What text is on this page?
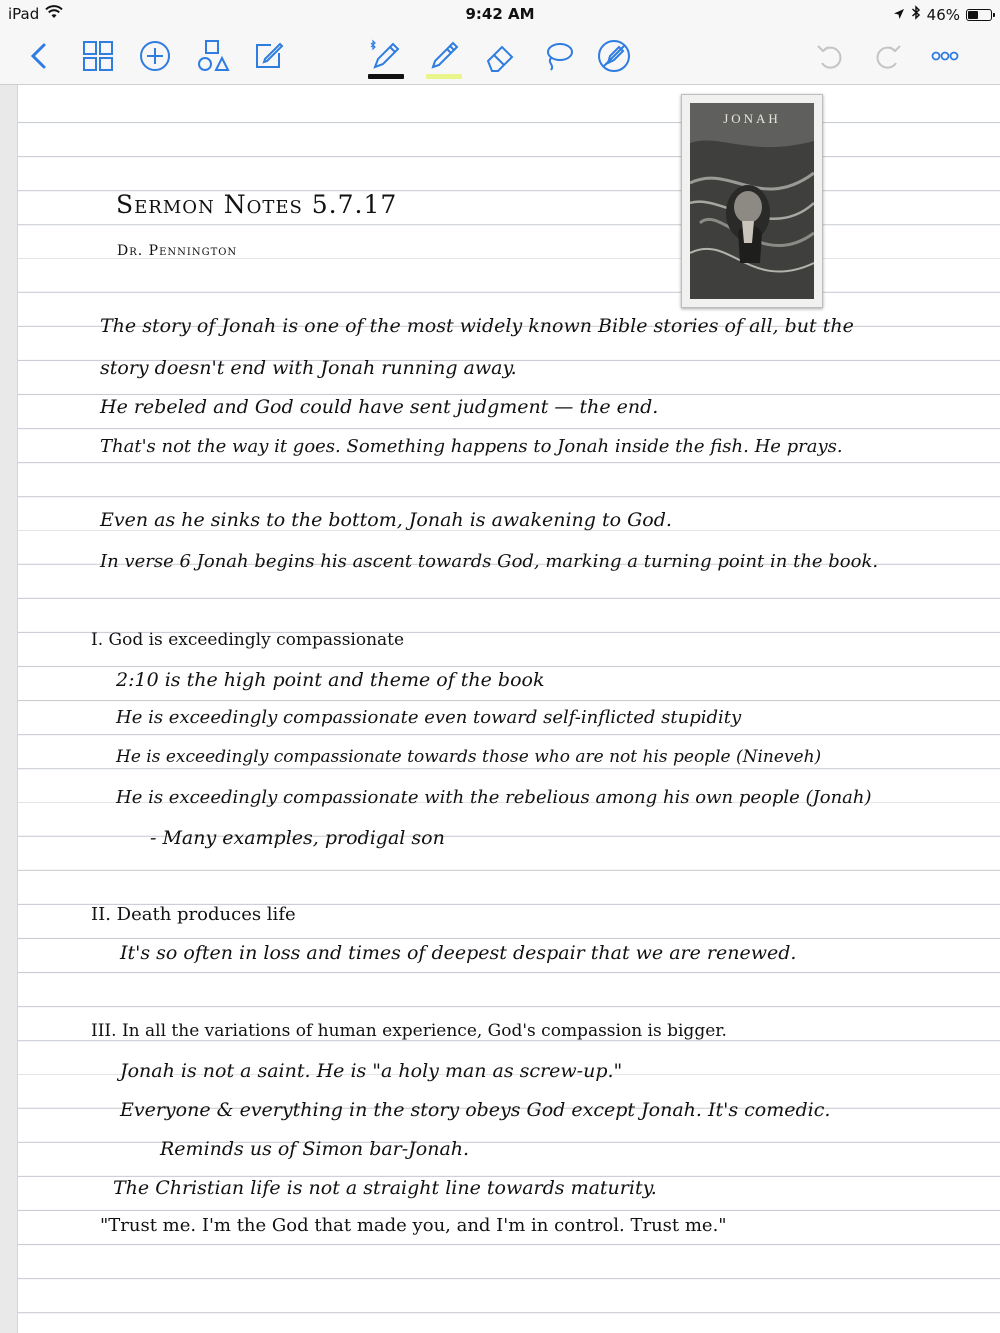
iPad	9:42 AM	46%
JONAH
Sermon Notes 5.7.17
Dr. Pennington
The story of Jonah is one of the most widely known Bible stories of all, but the
story doesn't end with Jonah running away.
He rebeled and God could have sent judgment — the end.
That's not the way it goes. Something happens to Jonah inside the fish. He prays.
Even as he sinks to the bottom, Jonah is awakening to God.
In verse 6 Jonah begins his ascent towards God, marking a turning point in the book.
I. God is exceedingly compassionate
2:10 is the high point and theme of the book
He is exceedingly compassionate even toward self-inflicted stupidity
He is exceedingly compassionate towards those who are not his people (Nineveh)
He is exceedingly compassionate with the rebelious among his own people (Jonah)
- Many examples, prodigal son
II. Death produces life
It's so often in loss and times of deepest despair that we are renewed.
III. In all the variations of human experience, God's compassion is bigger.
Jonah is not a saint. He is "a holy man as screw-up."
Everyone & everything in the story obeys God except Jonah. It's comedic.
Reminds us of Simon bar-Jonah.
The Christian life is not a straight line towards maturity.
"Trust me. I'm the God that made you, and I'm in control. Trust me."
